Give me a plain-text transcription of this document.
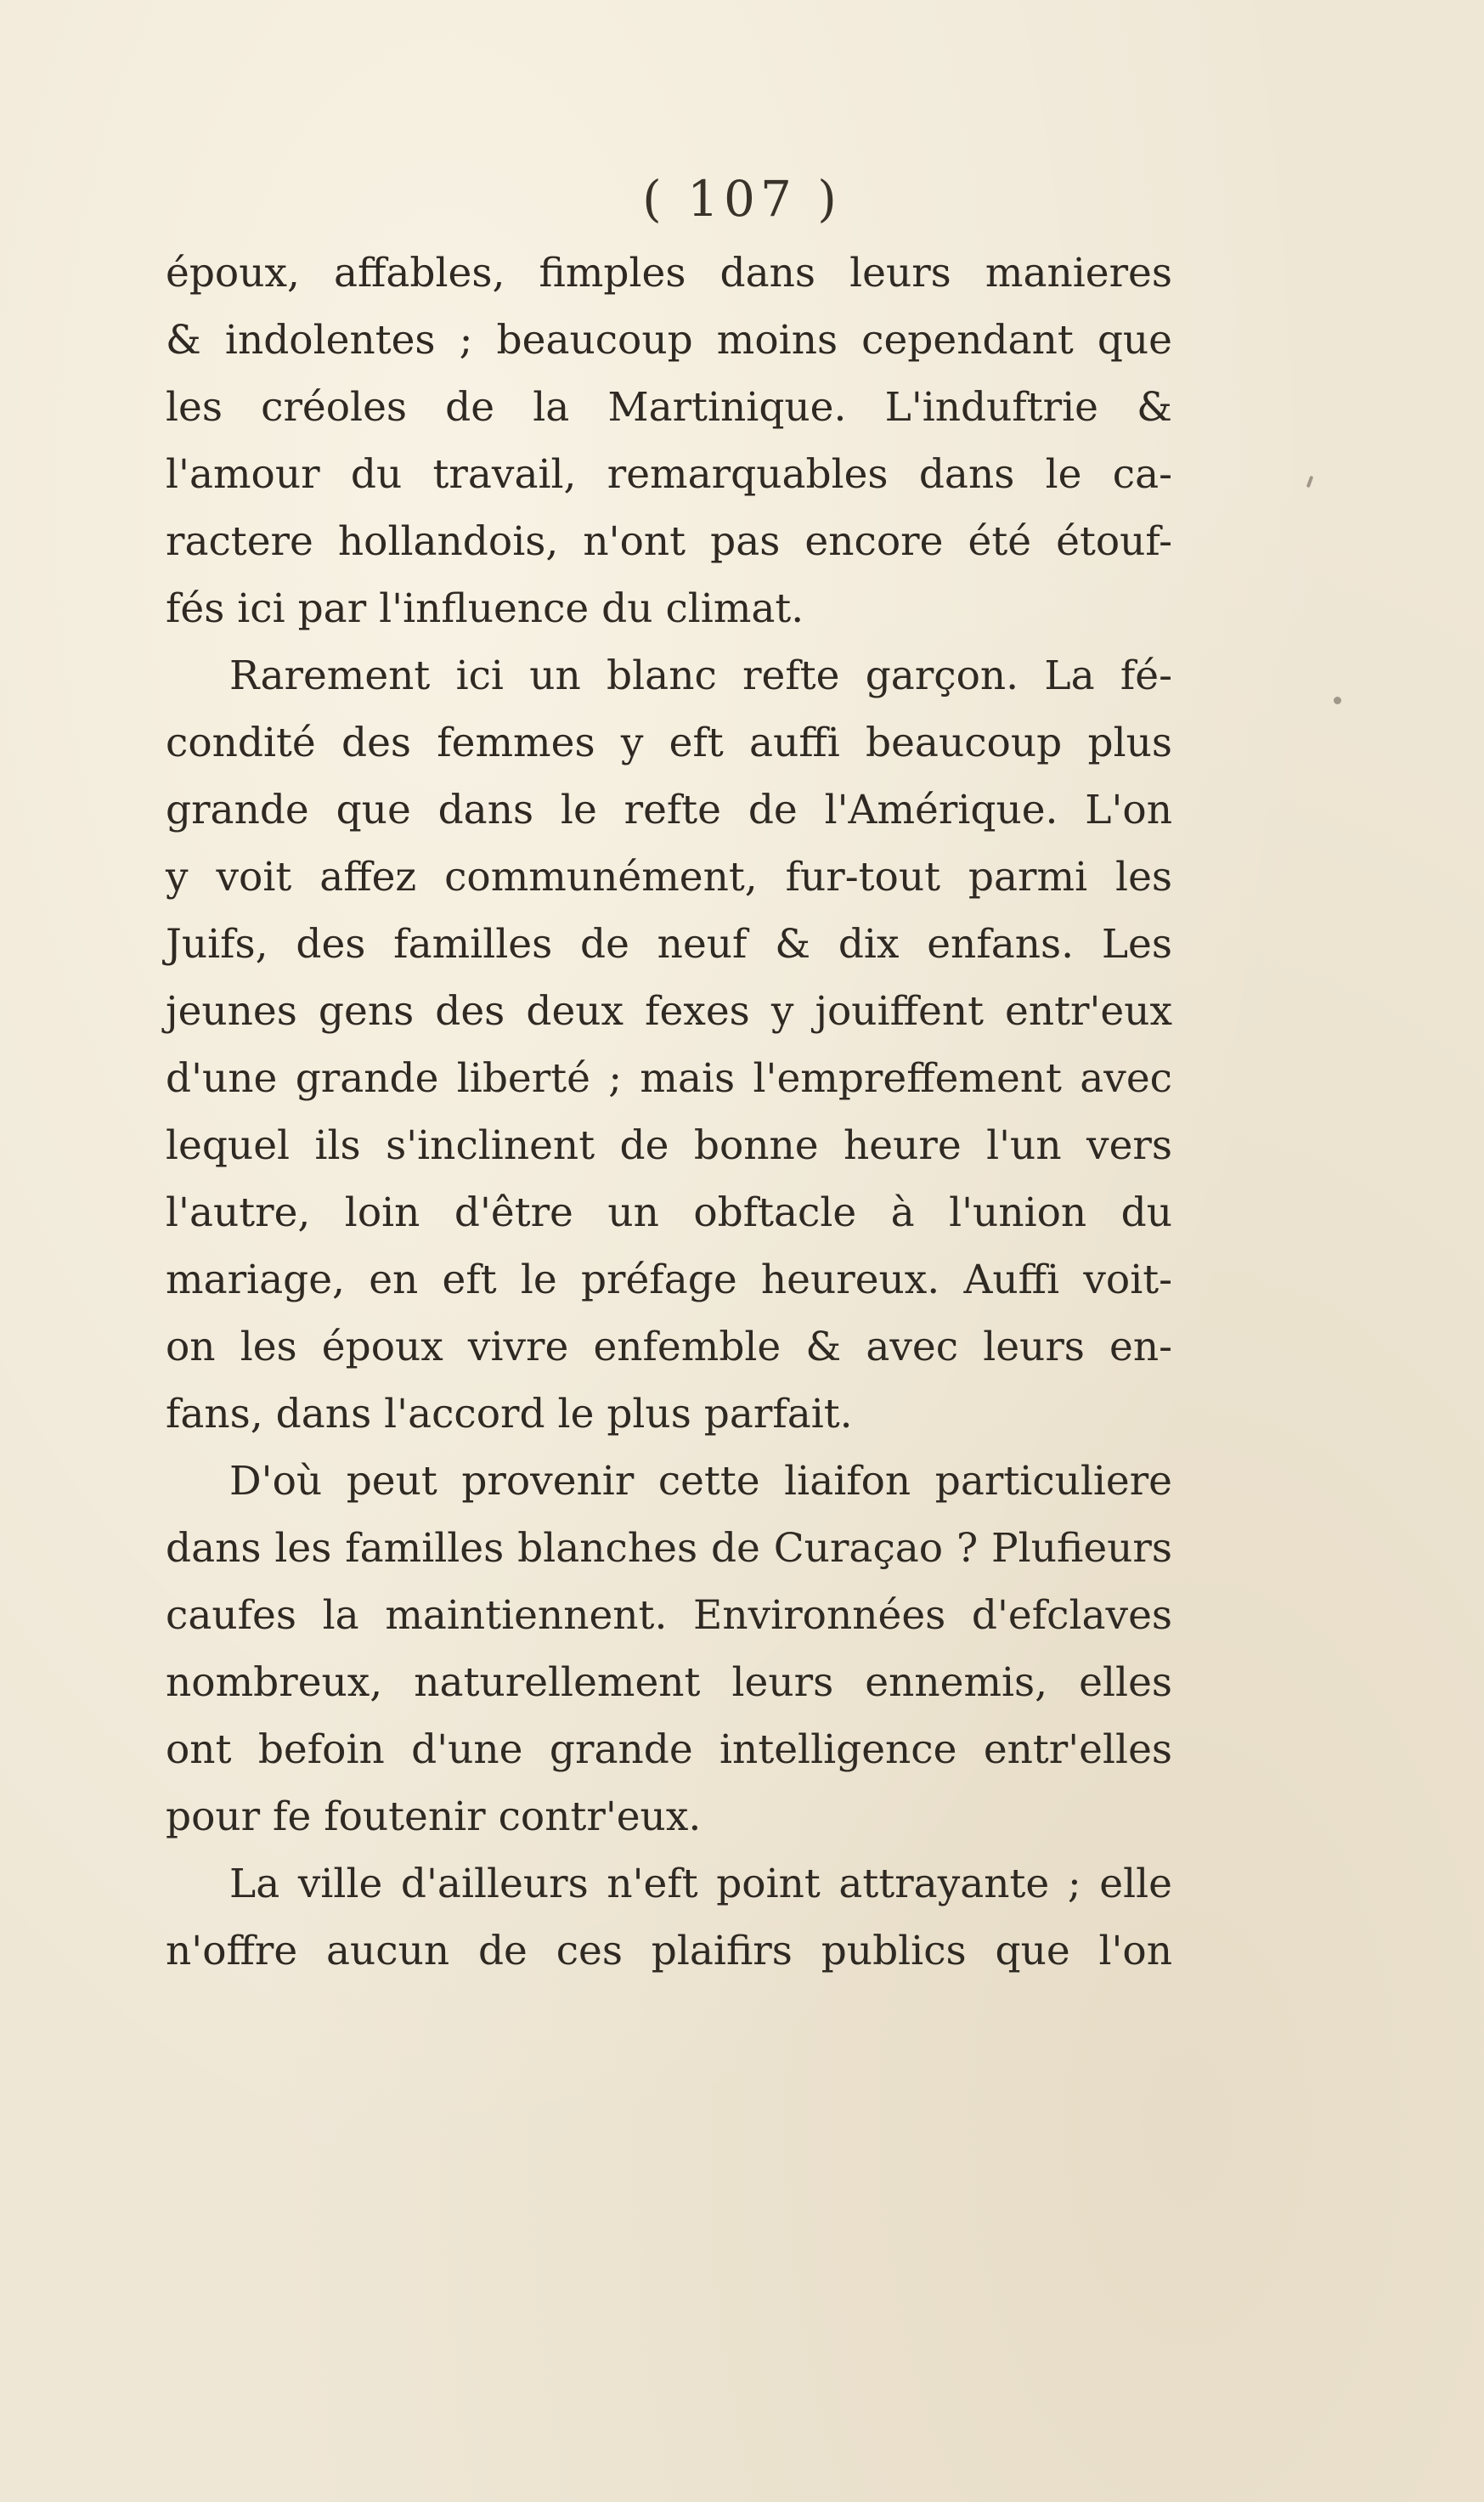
( 107 )
époux, affables, fimples dans leurs manieres
& indolentes ; beaucoup moins cependant que
les créoles de la Martinique. L'induftrie &
l'amour du travail, remarquables dans le ca-
ractere hollandois, n'ont pas encore été étouf-
fés ici par l'influence du climat.
Rarement ici un blanc refte garçon. La fé-
condité des femmes y eft auffi beaucoup plus
grande que dans le refte de l'Amérique. L'on
y voit affez communément, fur-tout parmi les
Juifs, des familles de neuf & dix enfans. Les
jeunes gens des deux fexes y jouiffent entr'eux
d'une grande liberté ; mais l'empreffement avec
lequel ils s'inclinent de bonne heure l'un vers
l'autre, loin d'être un obftacle à l'union du
mariage, en eft le préfage heureux. Auffi voit-
on les époux vivre enfemble & avec leurs en-
fans, dans l'accord le plus parfait.
D'où peut provenir cette liaifon particuliere
dans les familles blanches de Curaçao ? Plufieurs
caufes la maintiennent. Environnées d'efclaves
nombreux, naturellement leurs ennemis, elles
ont befoin d'une grande intelligence entr'elles
pour fe foutenir contr'eux.
La ville d'ailleurs n'eft point attrayante ; elle
n'offre aucun de ces plaifirs publics que l'on
